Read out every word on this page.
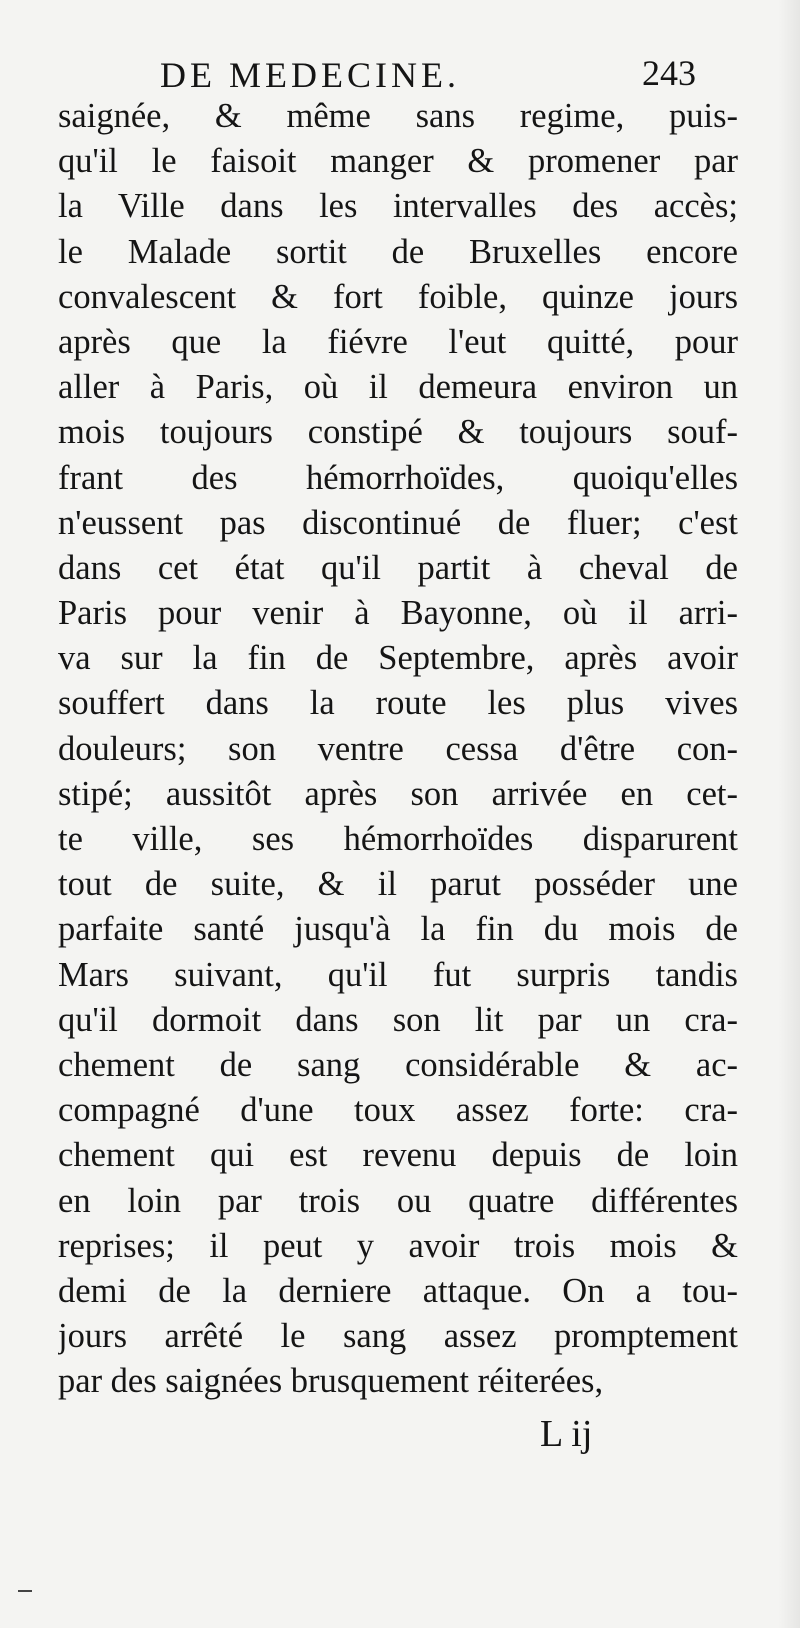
DE MEDECINE.	243
saignée, & même sans regime, puis-
qu'il le faisoit manger & promener par
la Ville dans les intervalles des accès;
le Malade sortit de Bruxelles encore
convalescent & fort foible, quinze jours
après que la fiévre l'eut quitté, pour
aller à Paris, où il demeura environ un
mois toujours constipé & toujours souf-
frant des hémorrhoïdes, quoiqu'elles
n'eussent pas discontinué de fluer; c'est
dans cet état qu'il partit à cheval de
Paris pour venir à Bayonne, où il arri-
va sur la fin de Septembre, après avoir
souffert dans la route les plus vives
douleurs; son ventre cessa d'être con-
stipé; aussitôt après son arrivée en cet-
te ville, ses hémorrhoïdes disparurent
tout de suite, & il parut posséder une
parfaite santé jusqu'à la fin du mois de
Mars suivant, qu'il fut surpris tandis
qu'il dormoit dans son lit par un cra-
chement de sang considérable & ac-
compagné d'une toux assez forte: cra-
chement qui est revenu depuis de loin
en loin par trois ou quatre différentes
reprises; il peut y avoir trois mois &
demi de la derniere attaque. On a tou-
jours arrêté le sang assez promptement
par des saignées brusquement réiterées,
L ij
